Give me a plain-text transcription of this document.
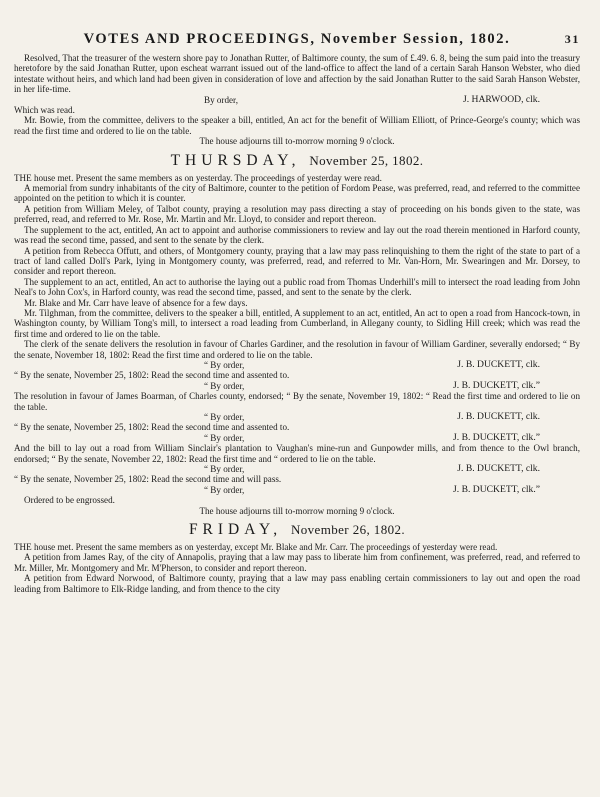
VOTES AND PROCEEDINGS, November Session, 1802.	31

Resolved, That the treasurer of the western shore pay to Jonathan Rutter, of Baltimore county, the sum of £.49. 6. 8, being the sum paid into the treasury heretofore by the said Jonathan Rutter, upon escheat warrant issued out of the land-office to affect the land of a certain Sarah Hanson Webster, who died intestate without heirs, and which land had been given in consideration of love and affection by the said Jonathan Rutter to the said Sarah Hanson Webster, in her life-time.

By order,	J. HARWOOD, clk.

Which was read.

Mr. Bowie, from the committee, delivers to the speaker a bill, entitled, An act for the benefit of William Elliott, of Prince-George's county; which was read the first time and ordered to lie on the table.

The house adjourns till to-morrow morning 9 o'clock.

THURSDAY, November 25, 1802.

THE house met. Present the same members as on yesterday. The proceedings of yesterday were read.

A memorial from sundry inhabitants of the city of Baltimore, counter to the petition of Fordom Pease, was preferred, read, and referred to the committee appointed on the petition to which it is counter.

A petition from William Meley, of Talbot county, praying a resolution may pass directing a stay of proceeding on his bonds given to the state, was preferred, read, and referred to Mr. Rose, Mr. Martin and Mr. Lloyd, to consider and report thereon.

The supplement to the act, entitled, An act to appoint and authorise commissioners to review and lay out the road therein mentioned in Harford county, was read the second time, passed, and sent to the senate by the clerk.

A petition from Rebecca Offutt, and others, of Montgomery county, praying that a law may pass relinquishing to them the right of the state to part of a tract of land called Doll's Park, lying in Montgomery county, was preferred, read, and referred to Mr. Van-Horn, Mr. Swearingen and Mr. Dorsey, to consider and report thereon.

The supplement to an act, entitled, An act to authorise the laying out a public road from Thomas Underhill's mill to intersect the road leading from John Neal's to John Cox's, in Harford county, was read the second time, passed, and sent to the senate by the clerk.

Mr. Blake and Mr. Carr have leave of absence for a few days.

Mr. Tilghman, from the committee, delivers to the speaker a bill, entitled, A supplement to an act, entitled, An act to open a road from Hancock-town, in Washington county, by William Tong's mill, to intersect a road leading from Cumberland, in Allegany county, to Sidling Hill creek; which was read the first time and ordered to lie on the table.

The clerk of the senate delivers the resolution in favour of Charles Gardiner, and the resolution in favour of William Gardiner, severally endorsed; “ By the senate, November 18, 1802: Read the first time and ordered to lie on the table.

“ By order,	J. B. DUCKETT, clk.

“ By the senate, November 25, 1802: Read the second time and assented to.

“ By order,	J. B. DUCKETT, clk.”

The resolution in favour of James Boarman, of Charles county, endorsed; “ By the senate, November 19, 1802: “ Read the first time and ordered to lie on the table.

“ By order,	J. B. DUCKETT, clk.

“ By the senate, November 25, 1802: Read the second time and assented to.

“ By order,	J. B. DUCKETT, clk.”

And the bill to lay out a road from William Sinclair's plantation to Vaughan's mine-run and Gunpowder mills, and from thence to the Owl branch, endorsed; “ By the senate, November 22, 1802: Read the first time and “ ordered to lie on the table.

“ By order,	J. B. DUCKETT, clk.

“ By the senate, November 25, 1802: Read the second time and will pass.

“ By order,	J. B. DUCKETT, clk.”

Ordered to be engrossed.

The house adjourns till to-morrow morning 9 o'clock.

FRIDAY, November 26, 1802.

THE house met. Present the same members as on yesterday, except Mr. Blake and Mr. Carr. The proceedings of yesterday were read.

A petition from James Ray, of the city of Annapolis, praying that a law may pass to liberate him from confinement, was preferred, read, and referred to Mr. Miller, Mr. Montgomery and Mr. M'Pherson, to consider and report thereon.

A petition from Edward Norwood, of Baltimore county, praying that a law may pass enabling certain commissioners to lay out and open the road leading from Baltimore to Elk-Ridge landing, and from thence to the city
